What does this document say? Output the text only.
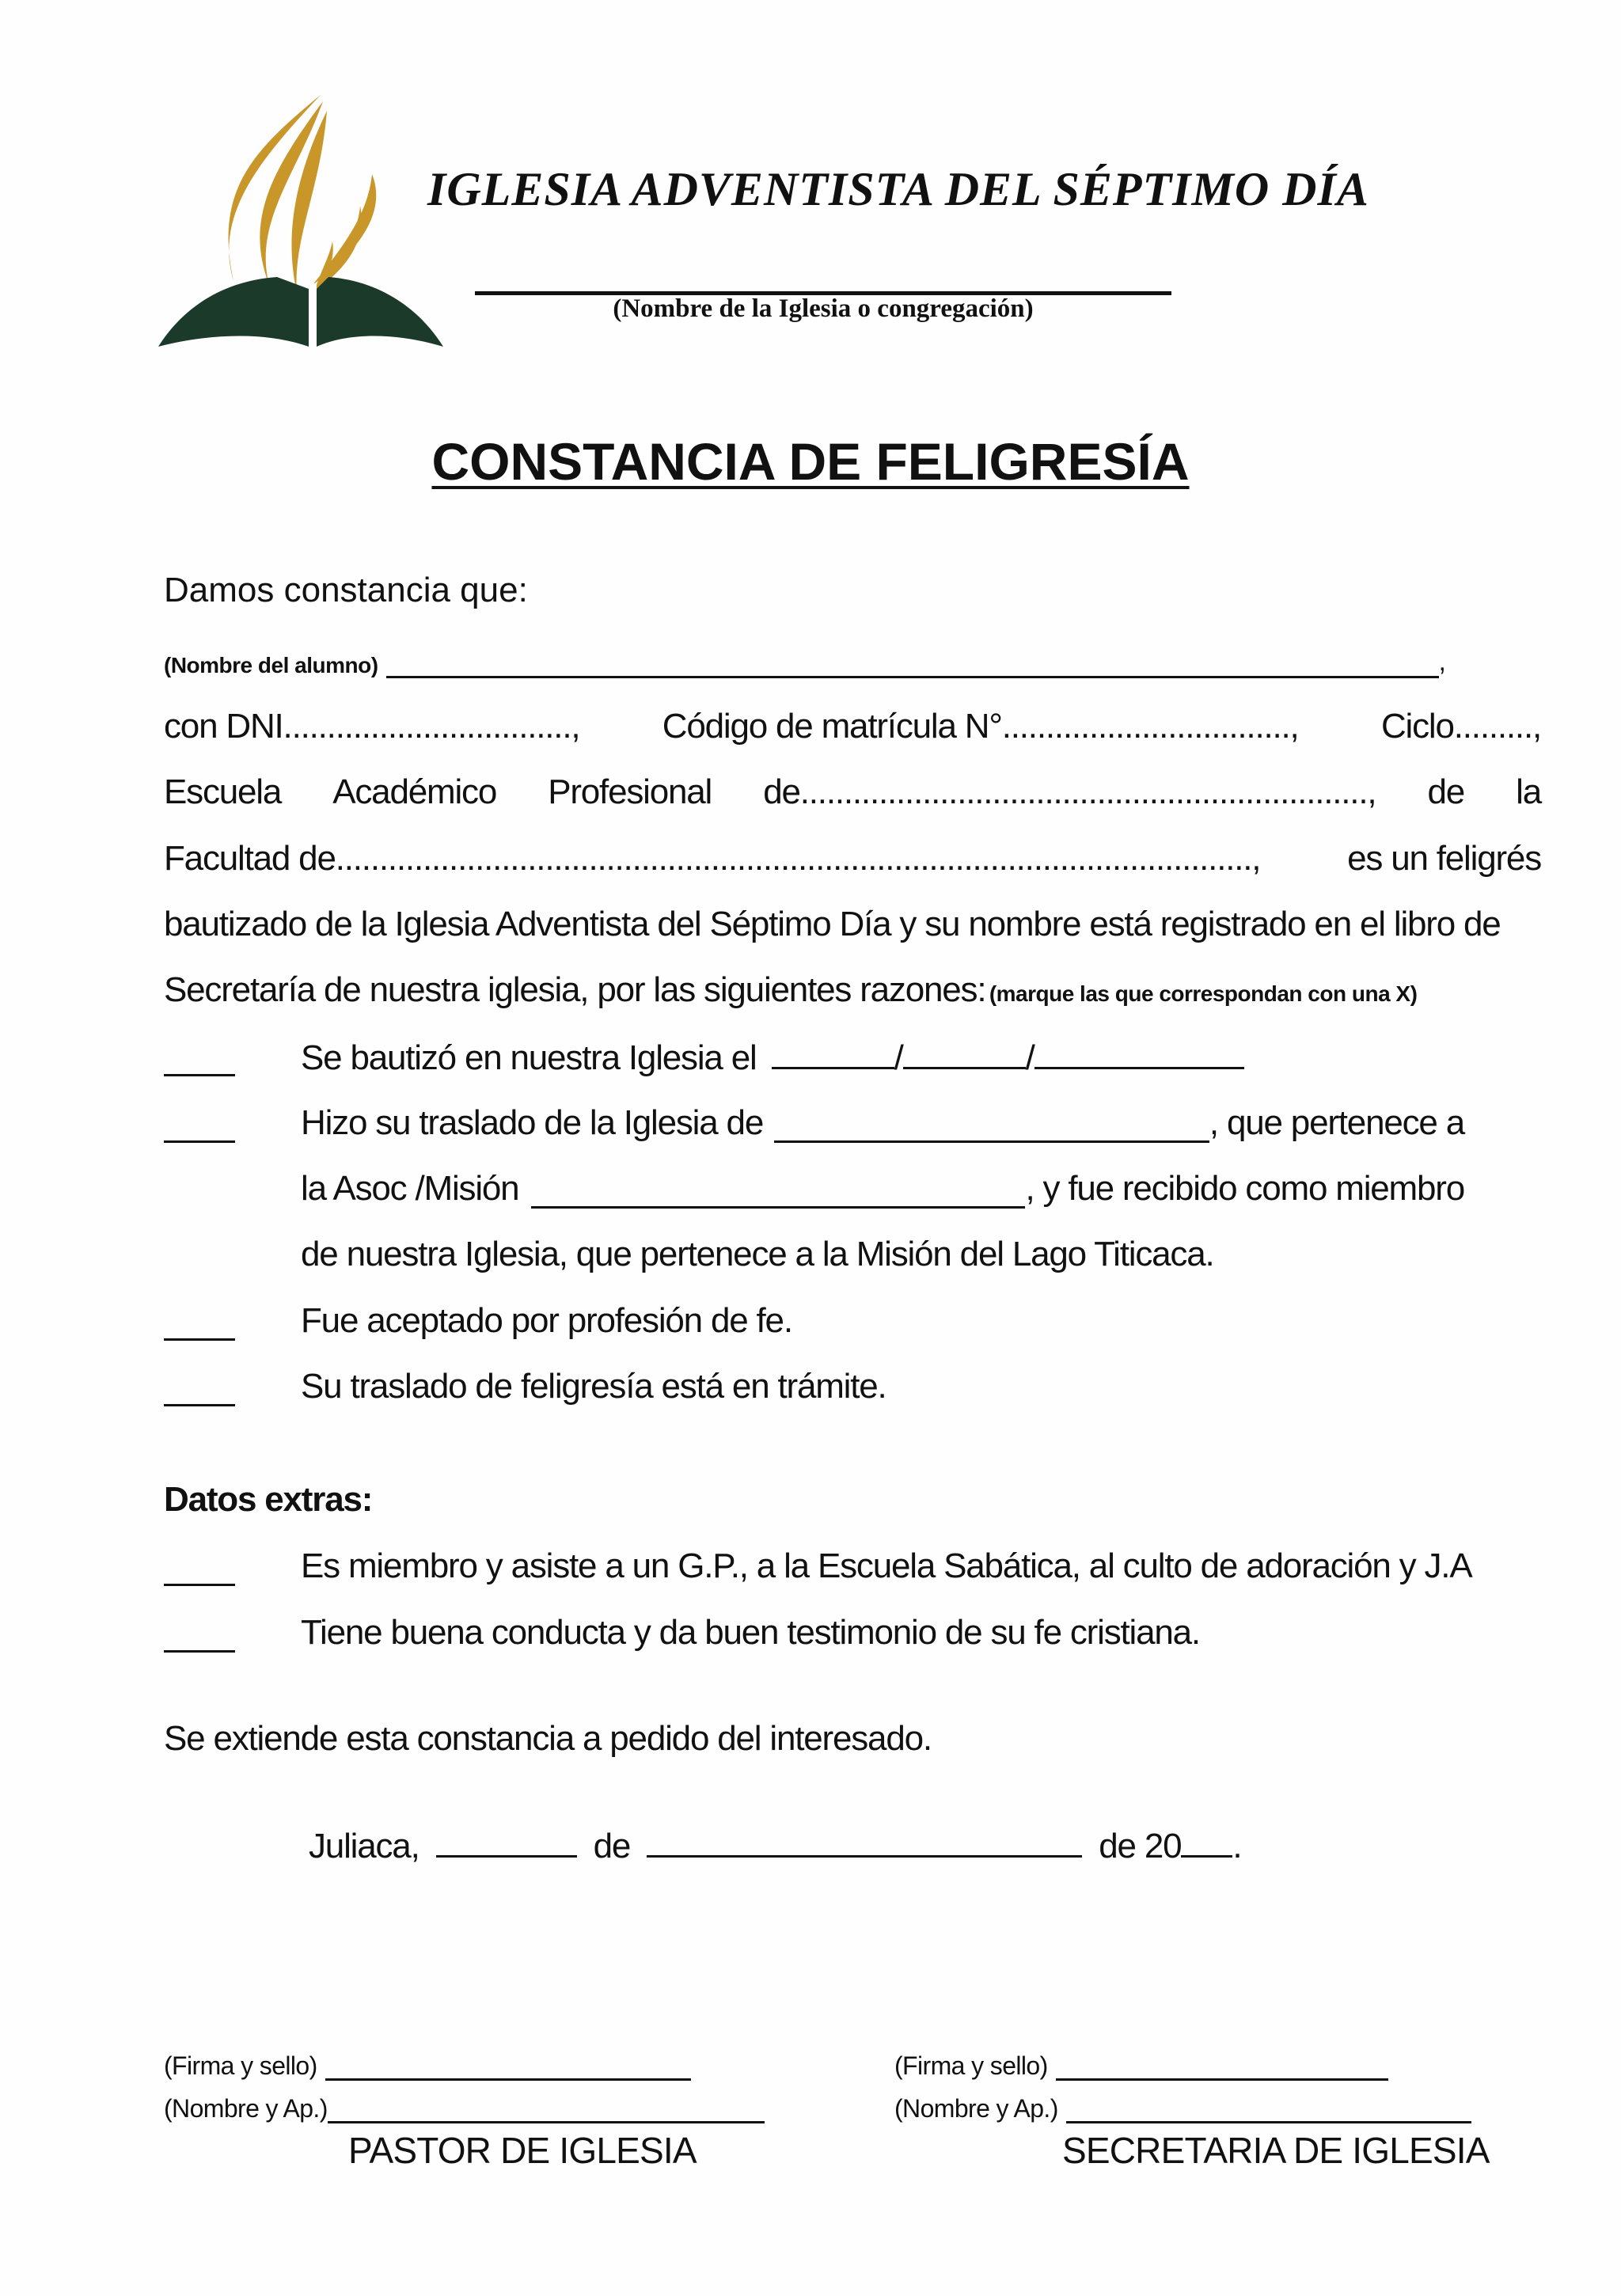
IGLESIA ADVENTISTA DEL SÉPTIMO DÍA
(Nombre de la Iglesia o congregación)
CONSTANCIA DE FELIGRESÍA
Damos constancia que:
(Nombre del alumno)	,
con DNI................................., Código de matrícula N°................................., Ciclo.........,
Escuela Académico Profesional de................................................................., de la
Facultad de........................................................................................................., es un feligrés
bautizado de la Iglesia Adventista del Séptimo Día y su nombre está registrado en el libro de
Secretaría de nuestra iglesia, por las siguientes razones: (marque las que correspondan con una X)
Se bautizó en nuestra Iglesia el	/	/
Hizo su traslado de la Iglesia de	, que pertenece a
la Asoc /Misión	, y fue recibido como miembro
de nuestra Iglesia, que pertenece a la Misión del Lago Titicaca.
Fue aceptado por profesión de fe.
Su traslado de feligresía está en trámite.
Datos extras:
Es miembro y asiste a un G.P., a la Escuela Sabática, al culto de adoración y J.A
Tiene buena conducta y da buen testimonio de su fe cristiana.
Se extiende esta constancia a pedido del interesado.
Juliaca,	de	de 20 .
(Firma y sello)
(Nombre y Ap.)
PASTOR DE IGLESIA
(Firma y sello)
(Nombre y Ap.)
SECRETARIA DE IGLESIA
